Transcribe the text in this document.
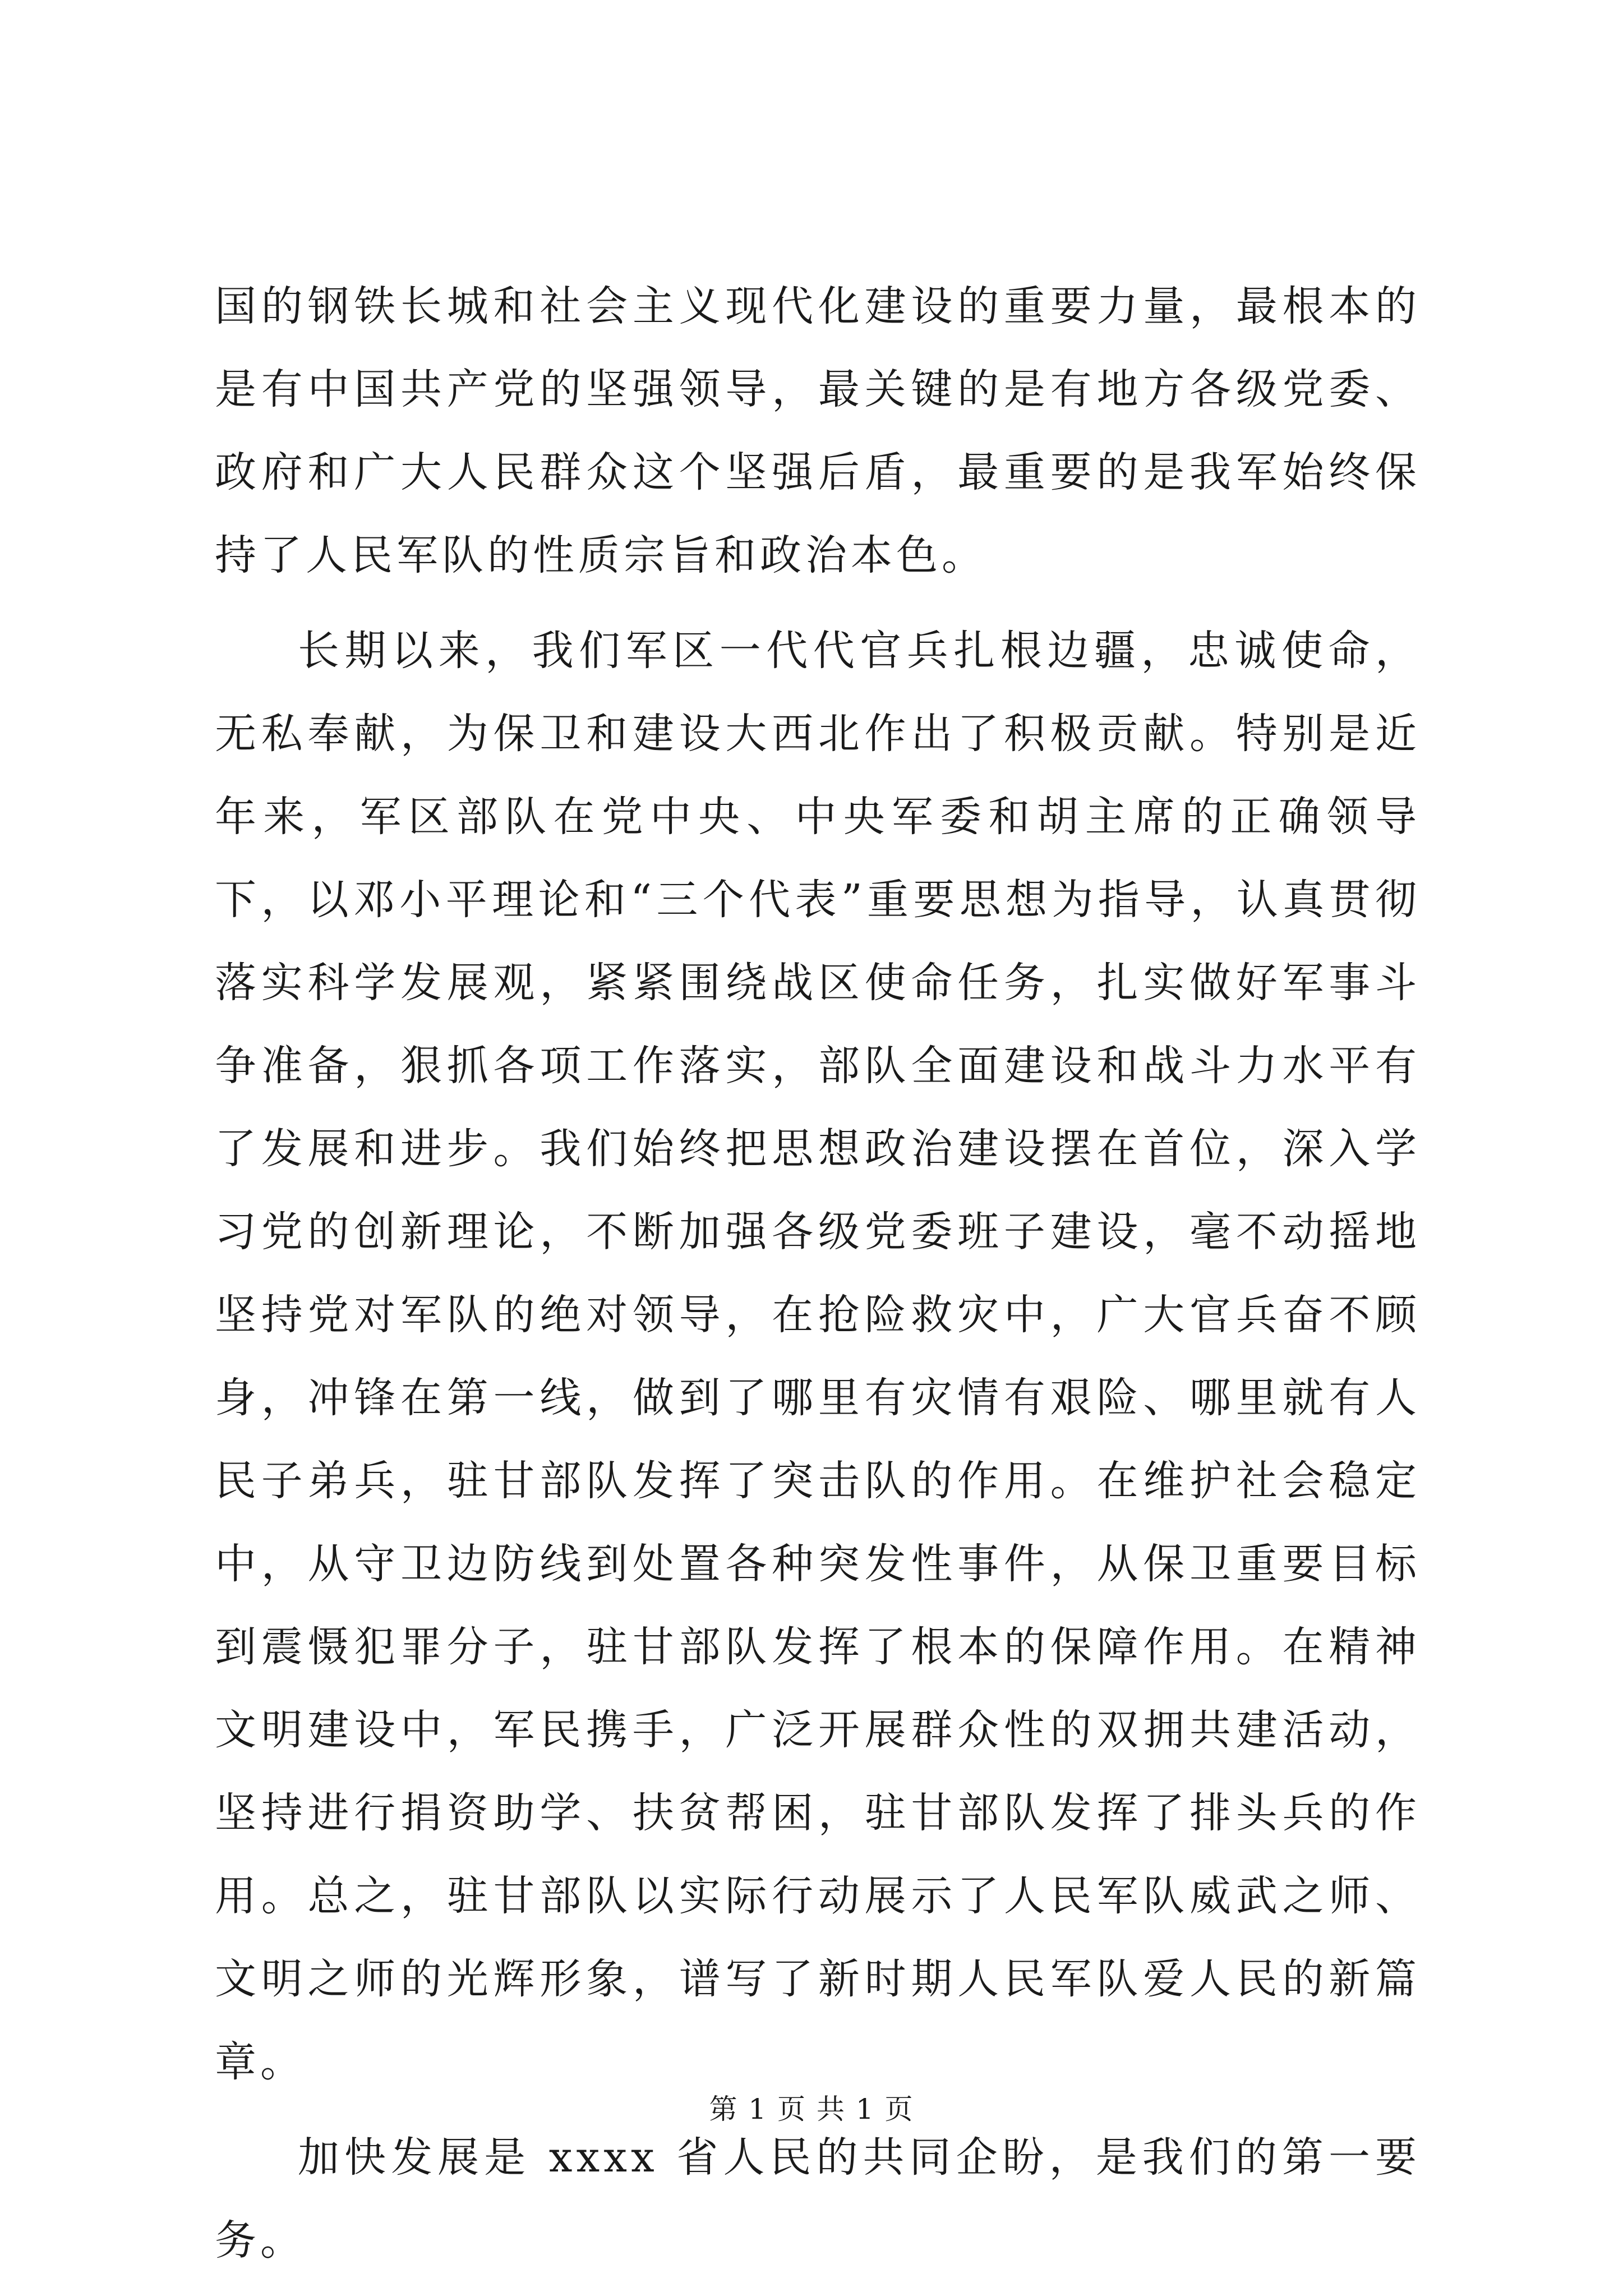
国的钢铁长城和社会主义现代化建设的重要力量，最根本的是有中国共产党的坚强领导，最关键的是有地方各级党委、政府和广大人民群众这个坚强后盾，最重要的是我军始终保持了人民军队的性质宗旨和政治本色。

长期以来，我们军区一代代官兵扎根边疆，忠诚使命，无私奉献，为保卫和建设大西北作出了积极贡献。特别是近年来，军区部队在党中央、中央军委和胡主席的正确领导下，以邓小平理论和“三个代表”重要思想为指导，认真贯彻落实科学发展观，紧紧围绕战区使命任务，扎实做好军事斗争准备，狠抓各项工作落实，部队全面建设和战斗力水平有了发展和进步。我们始终把思想政治建设摆在首位，深入学习党的创新理论，不断加强各级党委班子建设，毫不动摇地坚持党对军队的绝对领导，在抢险救灾中，广大官兵奋不顾身，冲锋在第一线，做到了哪里有灾情有艰险、哪里就有人民子弟兵，驻甘部队发挥了突击队的作用。在维护社会稳定中，从守卫边防线到处置各种突发性事件，从保卫重要目标到震慑犯罪分子，驻甘部队发挥了根本的保障作用。在精神文明建设中，军民携手，广泛开展群众性的双拥共建活动，坚持进行捐资助学、扶贫帮困，驻甘部队发挥了排头兵的作用。总之，驻甘部队以实际行动展示了人民军队威武之师、文明之师的光辉形象，谱写了新时期人民军队爱人民的新篇章。

加快发展是 xxxx 省人民的共同企盼，是我们的第一要务。

第 1 页 共 1 页
